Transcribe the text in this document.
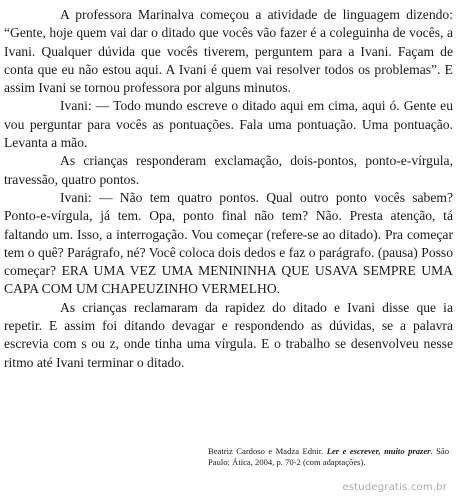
A professora Marinalva começou a atividade de linguagem dizendo: “Gente, hoje quem vai dar o ditado que vocês vão fazer é a coleguinha de vocês, a Ivani. Qualquer dúvida que vocês tiverem, perguntem para a Ivani. Façam de conta que eu não estou aqui. A Ivani é quem vai resolver todos os problemas”. E assim Ivani se tornou professora por alguns minutos.

Ivani: — Todo mundo escreve o ditado aqui em cima, aqui ó. Gente eu vou perguntar para vocês as pontuações. Fala uma pontuação. Uma pontuação. Levanta a mão.

As crianças responderam exclamação, dois-pontos, ponto-e-vírgula, travessão, quatro pontos.

Ivani: — Não tem quatro pontos. Qual outro ponto vocês sabem? Ponto-e-vírgula, já tem. Opa, ponto final não tem? Não. Presta atenção, tá faltando um. Isso, a interrogação. Vou começar (refere-se ao ditado). Pra começar tem o quê? Parágrafo, né? Você coloca dois dedos e faz o parágrafo. (pausa) Posso começar? ERA UMA VEZ UMA MENININHA QUE USAVA SEMPRE UMA CAPA COM UM CHAPEUZINHO VERMELHO.

As crianças reclamaram da rapidez do ditado e Ivani disse que ia repetir. E assim foi ditando devagar e respondendo as dúvidas, se a palavra escrevia com s ou z, onde tinha uma vírgula. E o trabalho se desenvolveu nesse ritmo até Ivani terminar o ditado.

Beatriz Cardoso e Madza Ednir. Ler e escrever, muito prazer. São Paulo: Ática, 2004, p. 70-2 (com adaptações).
estudegratis.com.br
